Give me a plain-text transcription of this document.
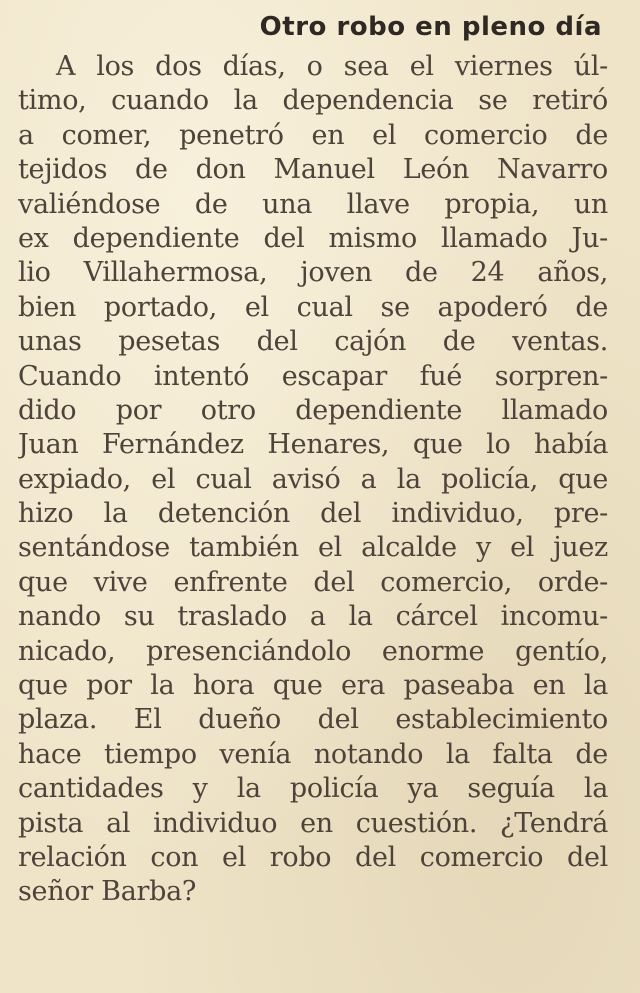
Otro robo en pleno día
A los dos días, o sea el viernes úl-
timo, cuando la dependencia se retiró
a comer, penetró en el comercio de
tejidos de don Manuel León Navarro
valiéndose de una llave propia, un
ex dependiente del mismo llamado Ju-
lio Villahermosa, joven de 24 años,
bien portado, el cual se apoderó de
unas pesetas del cajón de ventas.
Cuando intentó escapar fué sorpren-
dido por otro dependiente llamado
Juan Fernández Henares, que lo había
expiado, el cual avisó a la policía, que
hizo la detención del individuo, pre-
sentándose también el alcalde y el juez
que vive enfrente del comercio, orde-
nando su traslado a la cárcel incomu-
nicado, presenciándolo enorme gentío,
que por la hora que era paseaba en la
plaza. El dueño del establecimiento
hace tiempo venía notando la falta de
cantidades y la policía ya seguía la
pista al individuo en cuestión. ¿Tendrá
relación con el robo del comercio del
señor Barba?
